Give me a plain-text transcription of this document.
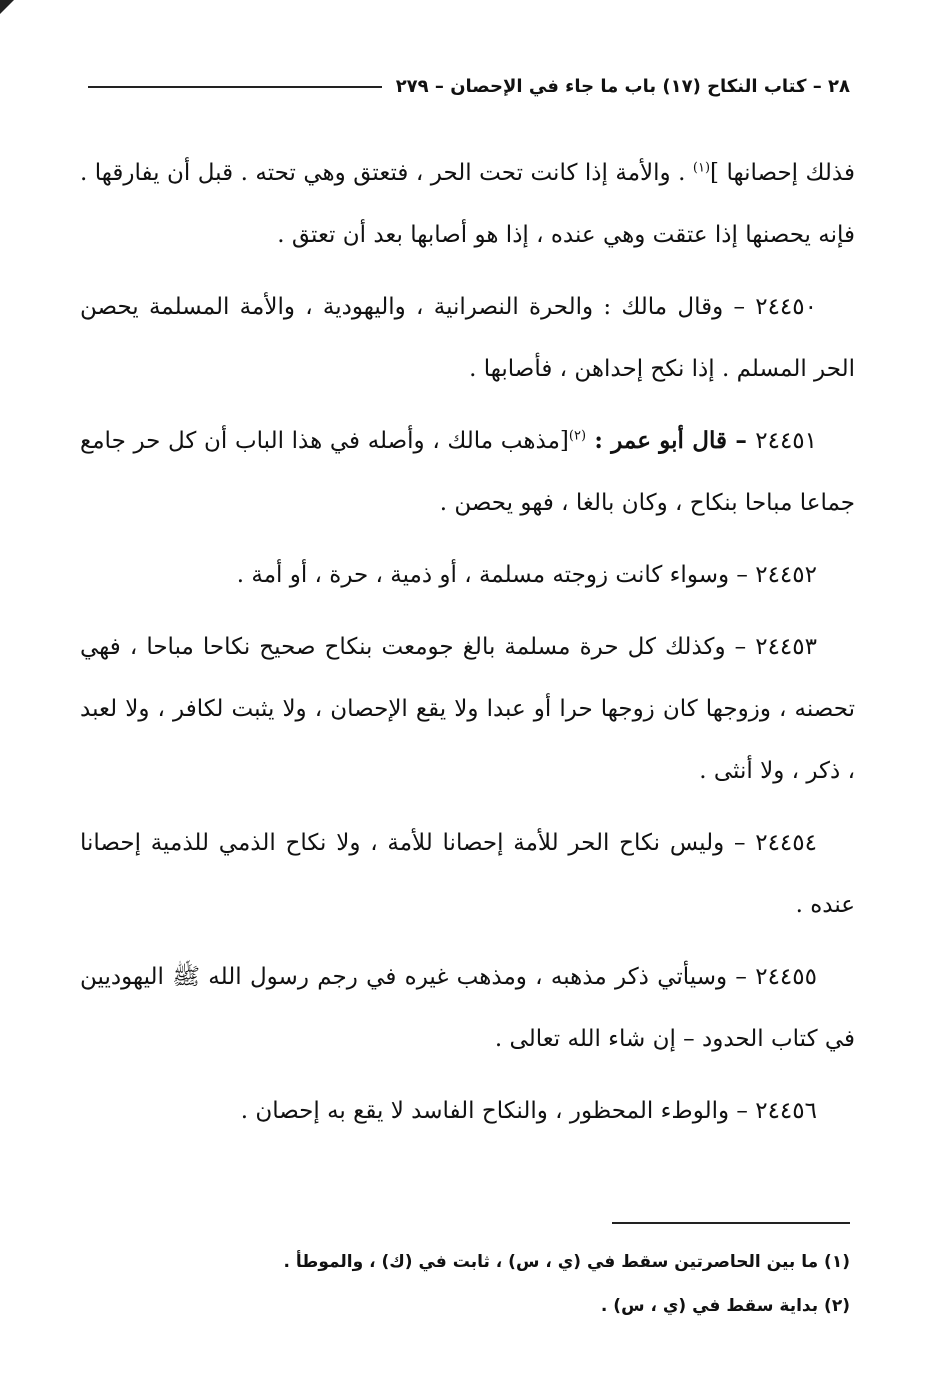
٢٨ – كتاب النكاح (١٧) باب ما جاء في الإحصان – ٢٧٩

فذلك إحصانها ]$^{(١)}$ . والأمة إذا كانت تحت الحر ، فتعتق وهي تحته . قبل أن يفارقها . فإنه يحصنها إذا عتقت وهي عنده ، إذا هو أصابها بعد أن تعتق .

٢٤٤٥٠ – وقال مالك : والحرة النصرانية ، واليهودية ، والأمة المسلمة يحصن الحر المسلم . إذا نكح إحداهن ، فأصابها .

٢٤٤٥١ – قال أبو عمر : $^{(٢)}$[مذهب مالك ، وأصله في هذا الباب أن كل حر جامع جماعا مباحا بنكاح ، وكان بالغا ، فهو يحصن .

٢٤٤٥٢ – وسواء كانت زوجته مسلمة ، أو ذمية ، حرة ، أو أمة .

٢٤٤٥٣ – وكذلك كل حرة مسلمة بالغ جومعت بنكاح صحيح نكاحا مباحا ، فهي تحصنه ، وزوجها كان زوجها حرا أو عبدا ولا يقع الإحصان ، ولا يثبت لكافر ، ولا لعبد ، ذكر ، ولا أنثى .

٢٤٤٥٤ – وليس نكاح الحر للأمة إحصانا للأمة ، ولا نكاح الذمي للذمية إحصانا عنده .

٢٤٤٥٥ – وسيأتي ذكر مذهبه ، ومذهب غيره في رجم رسول الله ﷺ اليهوديين في كتاب الحدود – إن شاء الله تعالى .

٢٤٤٥٦ – والوطء المحظور ، والنكاح الفاسد لا يقع به إحصان .

(١) ما بين الحاصرتين سقط في (ي ، س) ، ثابت في (ك) ، والموطأ .

(٢) بداية سقط في (ي ، س) .
